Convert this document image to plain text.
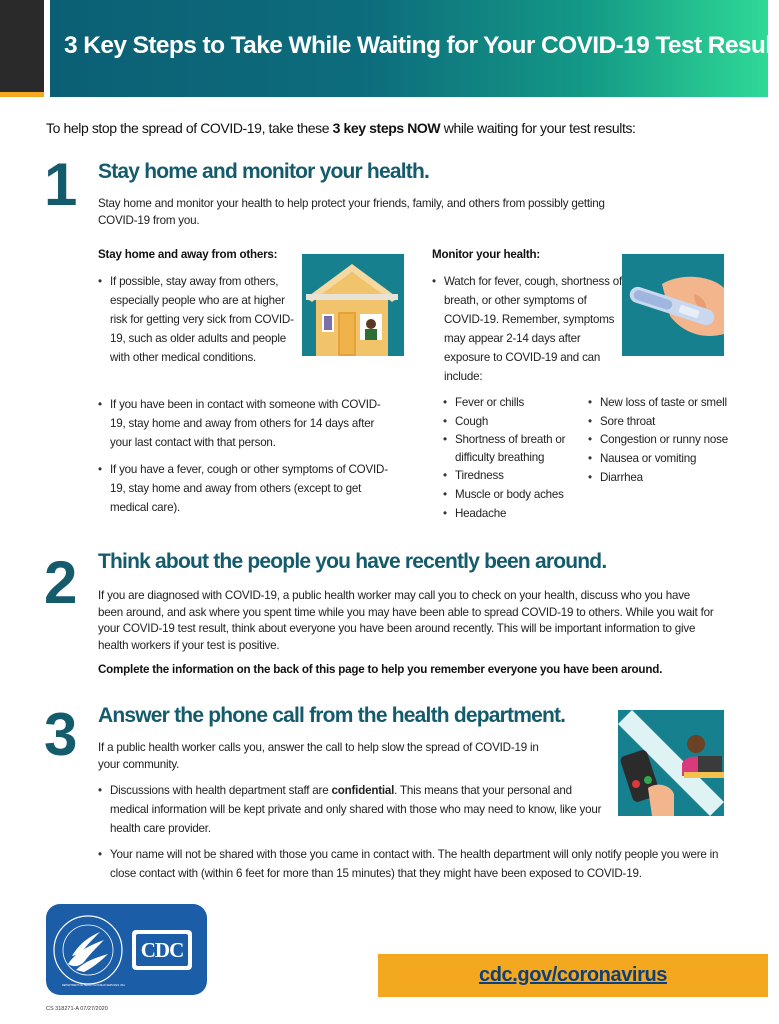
3 Key Steps to Take While Waiting for Your COVID-19 Test Result

To help stop the spread of COVID-19, take these 3 key steps NOW while waiting for your test results:

1 Stay home and monitor your health.

Stay home and monitor your health to help protect your friends, family, and others from possibly getting COVID-19 from you.

Stay home and away from others:
• If possible, stay away from others, especially people who are at higher risk for getting very sick from COVID-19, such as older adults and people with other medical conditions.
• If you have been in contact with someone with COVID-19, stay home and away from others for 14 days after your last contact with that person.
• If you have a fever, cough or other symptoms of COVID-19, stay home and away from others (except to get medical care).
Monitor your health:
• Watch for fever, cough, shortness of breath, or other symptoms of COVID-19. Remember, symptoms may appear 2-14 days after exposure to COVID-19 and can include:
• Fever or chills
• Cough
• Shortness of breath or difficulty breathing
• Tiredness
• Muscle or body aches
• Headache
• New loss of taste or smell
• Sore throat
• Congestion or runny nose
• Nausea or vomiting
• Diarrhea
2 Think about the people you have recently been around.

If you are diagnosed with COVID-19, a public health worker may call you to check on your health, discuss who you have been around, and ask where you spent time while you may have been able to spread COVID-19 to others. While you wait for your COVID-19 test result, think about everyone you have been around recently. This will be important information to give health workers if your test is positive.

Complete the information on the back of this page to help you remember everyone you have been around.

3 Answer the phone call from the health department.

If a public health worker calls you, answer the call to help slow the spread of COVID-19 in your community.

• Discussions with health department staff are confidential. This means that your personal and medical information will be kept private and only shared with those who may need to know, like your health care provider.
• Your name will not be shared with those you came in contact with. The health department will only notify people you were in close contact with (within 6 feet for more than 15 minutes) that they might have been exposed to COVID-19.
CDC
DEPARTMENT OF HEALTH & HUMAN SERVICES USA	cdc.gov/coronavirus
CS 318271-A 07/27/2020
